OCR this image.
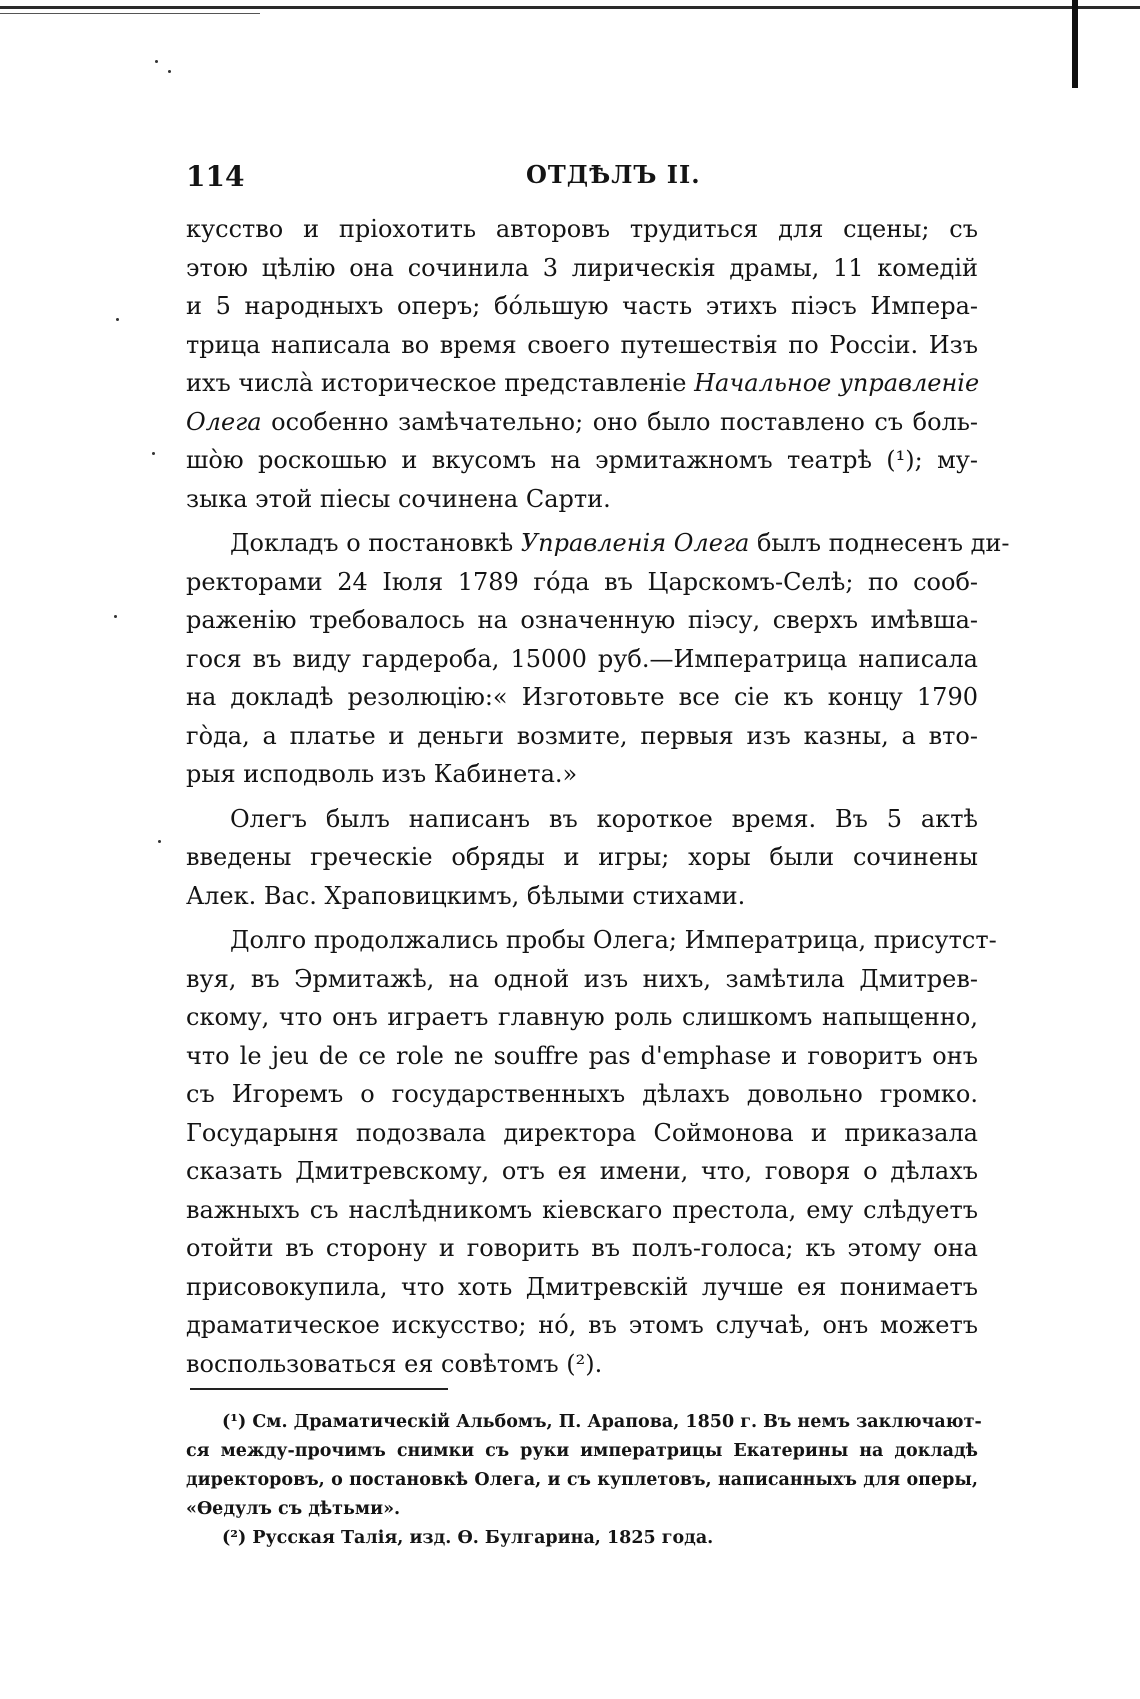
114	ОТДѢЛЪ II.
кусство и пріохотить авторовъ трудиться для сцены; съ
этою цѣлію она сочинила 3 лирическія драмы, 11 комедій
и 5 народныхъ оперъ; бóльшую часть этихъ піэсъ Импера-
трица написала во время своего путешествія по Россіи. Изъ
ихъ числà историческое представленіе Начальное управленіе
Олега особенно замѣчательно; оно было поставлено съ боль-
шòю роскошью и вкусомъ на эрмитажномъ театрѣ (¹); му-
зыка этой піесы сочинена Сарти.
Докладъ о постановкѣ Управленія Олега былъ поднесенъ ди-
ректорами 24 Іюля 1789 гóда въ Царскомъ-Селѣ; по сооб-
раженію требовалось на означенную піэсу, сверхъ имѣвша-
гося въ виду гардероба, 15000 руб.—Императрица написала
на докладѣ резолюцію:« Изготовьте все сіе къ концу 1790
гòда, а платье и деньги возмите, первыя изъ казны, а вто-
рыя исподволь изъ Кабинета.»
Олегъ былъ написанъ въ короткое время. Въ 5 актѣ
введены греческіе обряды и игры; хоры были сочинены
Алек. Вас. Храповицкимъ, бѣлыми стихами.
Долго продолжались пробы Олега; Императрица, присутст-
вуя, въ Эрмитажѣ, на одной изъ нихъ, замѣтила Дмитрев-
скому, что онъ играетъ главную роль слишкомъ напыщенно,
что le jeu de ce role ne souffre pas d'emphase и говоритъ онъ
съ Игоремъ о государственныхъ дѣлахъ довольно громко.
Государыня подозвала директора Соймонова и приказала
сказать Дмитревскому, отъ ея имени, что, говоря о дѣлахъ
важныхъ съ наслѣдникомъ кіевскаго престола, ему слѣдуетъ
отойти въ сторону и говорить въ полъ-голоса; къ этому она
присовокупила, что хоть Дмитревскій лучше ея понимаетъ
драматическое искусство; нó, въ этомъ случаѣ, онъ можетъ
воспользоваться ея совѣтомъ (²).
(¹) См. Драматическій Альбомъ, П. Арапова, 1850 г. Въ немъ заключают-
ся между-прочимъ снимки съ руки императрицы Екатерины на докладѣ
директоровъ, о постановкѣ Олега, и съ куплетовъ, написанныхъ для оперы,
«Ѳедулъ съ дѣтьми».
(²) Русская Талія, изд. Ѳ. Булгарина, 1825 года.
